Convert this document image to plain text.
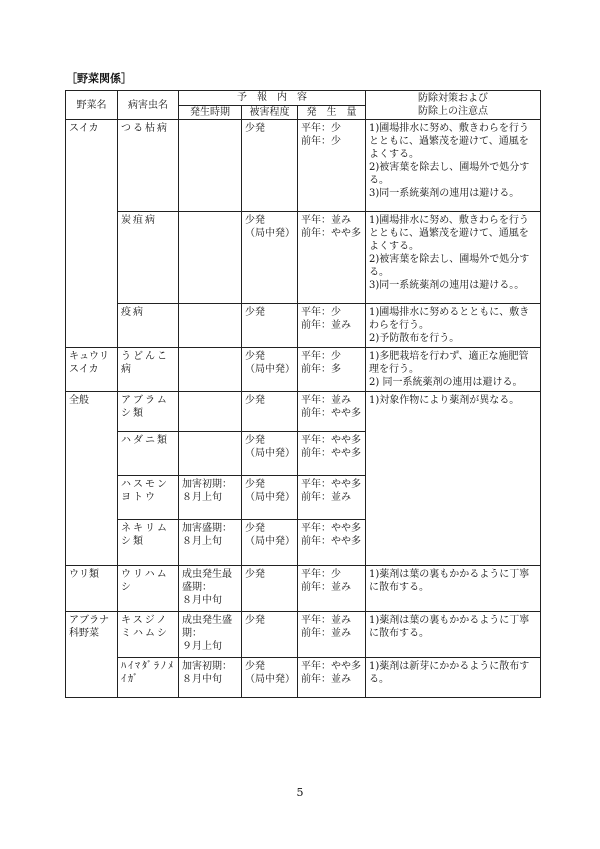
［野菜関係］
野菜名	病害虫名	予　報　内　容			防除対策および
防除上の注意点

		発生時期	被害程度	発　生　量	
スイカ	つる枯病		少発	平年：少
前年：少	1)圃場排水に努め、敷きわらを行うとともに、過繁茂を避けて、通風をよくする。
2)被害葉を除去し、圃場外で処分する。
3)同一系統薬剤の連用は避ける。
	炭疽病		少発
（局中発）	平年：並み
前年：やや多	1)圃場排水に努め、敷きわらを行うとともに、過繁茂を避けて、通風をよくする。
2)被害葉を除去し、圃場外で処分する。
3)同一系統薬剤の連用は避ける。。
	疫病		少発	平年：少
前年：並み	1)圃場排水に努めるとともに、敷きわらを行う。
2)予防散布を行う。
キュウリ
スイカ	うどんこ病		少発
（局中発）	平年：少
前年：多	1)多肥栽培を行わず、適正な施肥管理を行う。
2) 同一系統薬剤の連用は避ける。
全般	アブラムシ類		少発	平年：並み
前年：やや多	1)対象作物により薬剤が異なる。
	ハダニ類		少発
（局中発）	平年：やや多
前年：やや多	
	ハスモンヨトウ	加害初期：
８月上旬	少発
（局中発）	平年：やや多
前年：並み	
	ネキリムシ類	加害盛期：
８月上旬	少発
（局中発）	平年：やや多
前年：やや多	
ウリ類	ウリハムシ	成虫発生最盛期：
８月中旬	少発	平年：少
前年：並み	1)薬剤は葉の裏もかかるように丁寧に散布する。
アブラナ科野菜	キスジノミハムシ	成虫発生盛期：
９月上旬	少発	平年：並み
前年：並み	1)薬剤は葉の裏もかかるように丁寧に散布する。
	ﾊｲﾏﾀﾞﾗﾉﾒｲｶﾞ	加害初期：
８月中旬	少発
（局中発）	平年：やや多
前年：並み	1)薬剤は新芽にかかるように散布する。
5
